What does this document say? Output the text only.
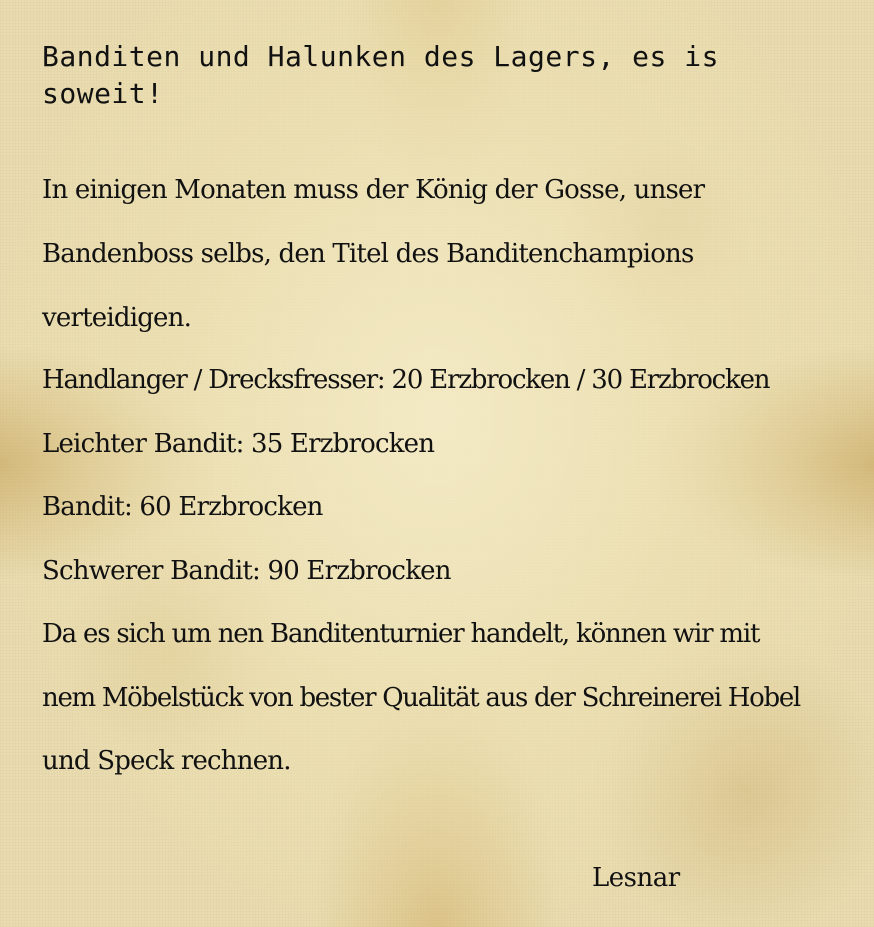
Banditen und Halunken des Lagers, es is soweit!

In einigen Monaten muss der König der Gosse, unser

Bandenboss selbs, den Titel des Banditenchampions

verteidigen.

Handlanger / Drecksfresser: 20 Erzbrocken / 30 Erzbrocken

Leichter Bandit: 35 Erzbrocken

Bandit: 60 Erzbrocken

Schwerer Bandit: 90 Erzbrocken

Da es sich um nen Banditenturnier handelt, können wir mit

nem Möbelstück von bester Qualität aus der Schreinerei Hobel

und Speck rechnen.

Lesnar
